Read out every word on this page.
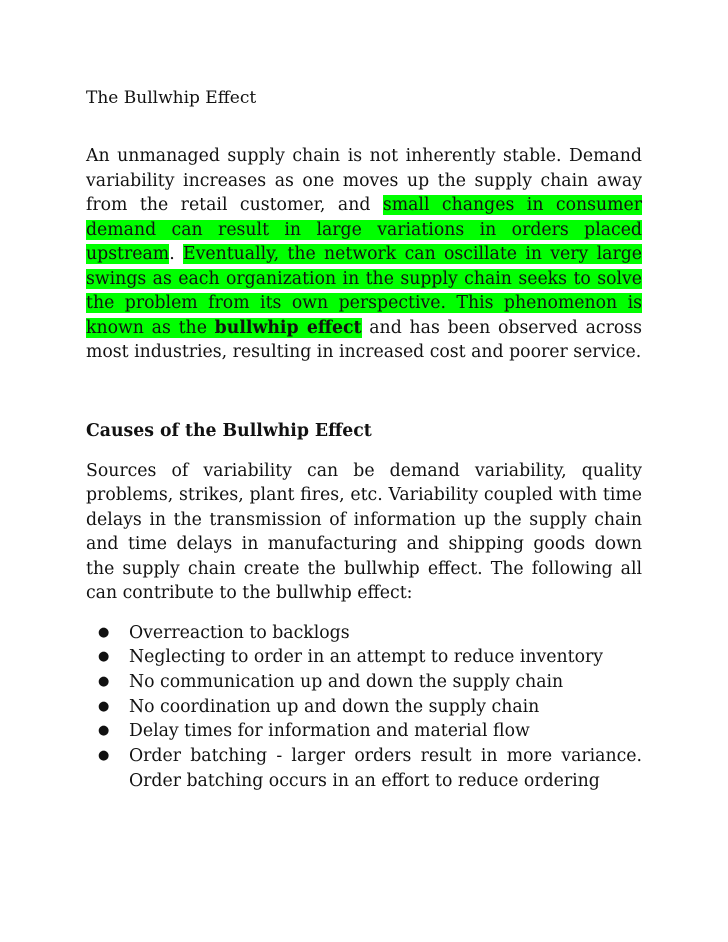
The Bullwhip Effect

An unmanaged supply chain is not inherently stable. Demand variability increases as one moves up the supply chain away from the retail customer, and small changes in consumer demand can result in large variations in orders placed upstream. Eventually, the network can oscillate in very large swings as each organization in the supply chain seeks to solve the problem from its own perspective. This phenomenon is known as the bullwhip effect and has been observed across most industries, resulting in increased cost and poorer service.

Causes of the Bullwhip Effect

Sources of variability can be demand variability, quality problems, strikes, plant fires, etc. Variability coupled with time delays in the transmission of information up the supply chain and time delays in manufacturing and shipping goods down the supply chain create the bullwhip effect. The following all can contribute to the bullwhip effect:

● Overreaction to backlogs
● Neglecting to order in an attempt to reduce inventory
● No communication up and down the supply chain
● No coordination up and down the supply chain
● Delay times for information and material flow
● Order batching - larger orders result in more variance. Order batching occurs in an effort to reduce ordering
